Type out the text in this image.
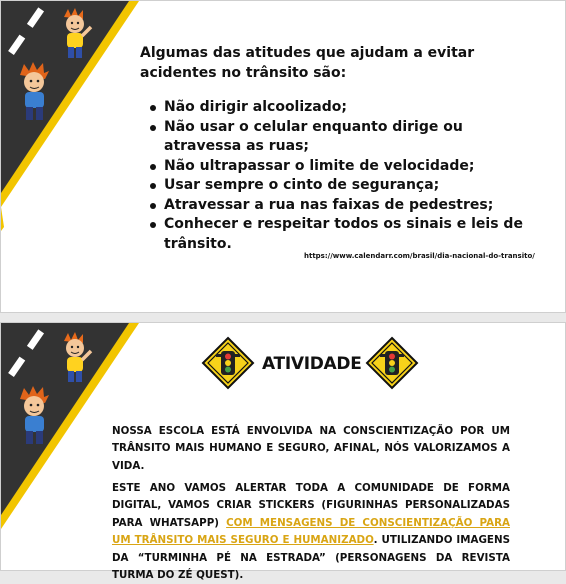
Algumas das atitudes que ajudam a evitar acidentes no trânsito são:

Não dirigir alcoolizado;
Não usar o celular enquanto dirige ou atravessa as ruas;
Não ultrapassar o limite de velocidade;
Usar sempre o cinto de segurança;
Atravessar a rua nas faixas de pedestres;
Conhecer e respeitar todos os sinais e leis de trânsito.
https://www.calendarr.com/brasil/dia-nacional-do-transito/
ATIVIDADE

NOSSA ESCOLA ESTÁ ENVOLVIDA NA CONSCIENTIZAÇÃO POR UM TRÂNSITO MAIS HUMANO E SEGURO, AFINAL, NÓS VALORIZAMOS A VIDA.

ESTE ANO VAMOS ALERTAR TODA A COMUNIDADE DE FORMA DIGITAL, VAMOS CRIAR STICKERS (FIGURINHAS PERSONALIZADAS PARA WHATSAPP) COM MENSAGENS DE CONSCIENTIZAÇÃO PARA UM TRÂNSITO MAIS SEGURO E HUMANIZADO. UTILIZANDO IMAGENS DA “TURMINHA PÉ NA ESTRADA” (PERSONAGENS DA REVISTA TURMA DO ZÉ QUEST).
